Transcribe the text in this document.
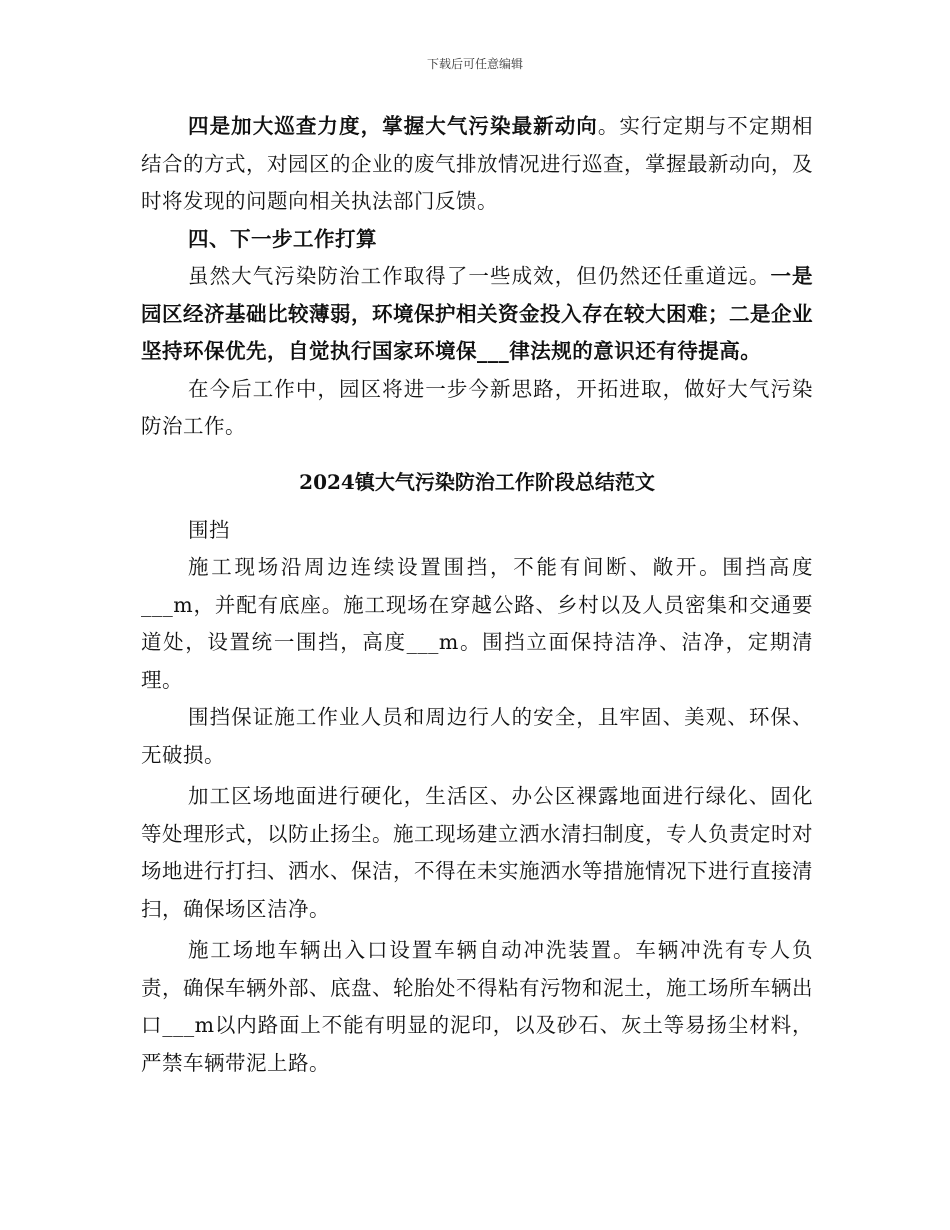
下载后可任意编辑

四是加大巡查力度，掌握大气污染最新动向。实行定期与不定期相结合的方式，对园区的企业的废气排放情况进行巡查，掌握最新动向，及时将发现的问题向相关执法部门反馈。

四、下一步工作打算

虽然大气污染防治工作取得了一些成效，但仍然还任重道远。一是园区经济基础比较薄弱，环境保护相关资金投入存在较大困难；二是企业坚持环保优先，自觉执行国家环境保___律法规的意识还有待提高。

在今后工作中，园区将进一步今新思路，开拓进取，做好大气污染防治工作。

2024镇大气污染防治工作阶段总结范文

围挡

施工现场沿周边连续设置围挡，不能有间断、敞开。围挡高度___m，并配有底座。施工现场在穿越公路、乡村以及人员密集和交通要道处，设置统一围挡，高度___m。围挡立面保持洁净、洁净，定期清理。

围挡保证施工作业人员和周边行人的安全，且牢固、美观、环保、无破损。

加工区场地面进行硬化，生活区、办公区裸露地面进行绿化、固化等处理形式，以防止扬尘。施工现场建立洒水清扫制度，专人负责定时对场地进行打扫、洒水、保洁，不得在未实施洒水等措施情况下进行直接清扫，确保场区洁净。

施工场地车辆出入口设置车辆自动冲洗装置。车辆冲洗有专人负责，确保车辆外部、底盘、轮胎处不得粘有污物和泥土，施工场所车辆出口___m以内路面上不能有明显的泥印，以及砂石、灰土等易扬尘材料，严禁车辆带泥上路。
